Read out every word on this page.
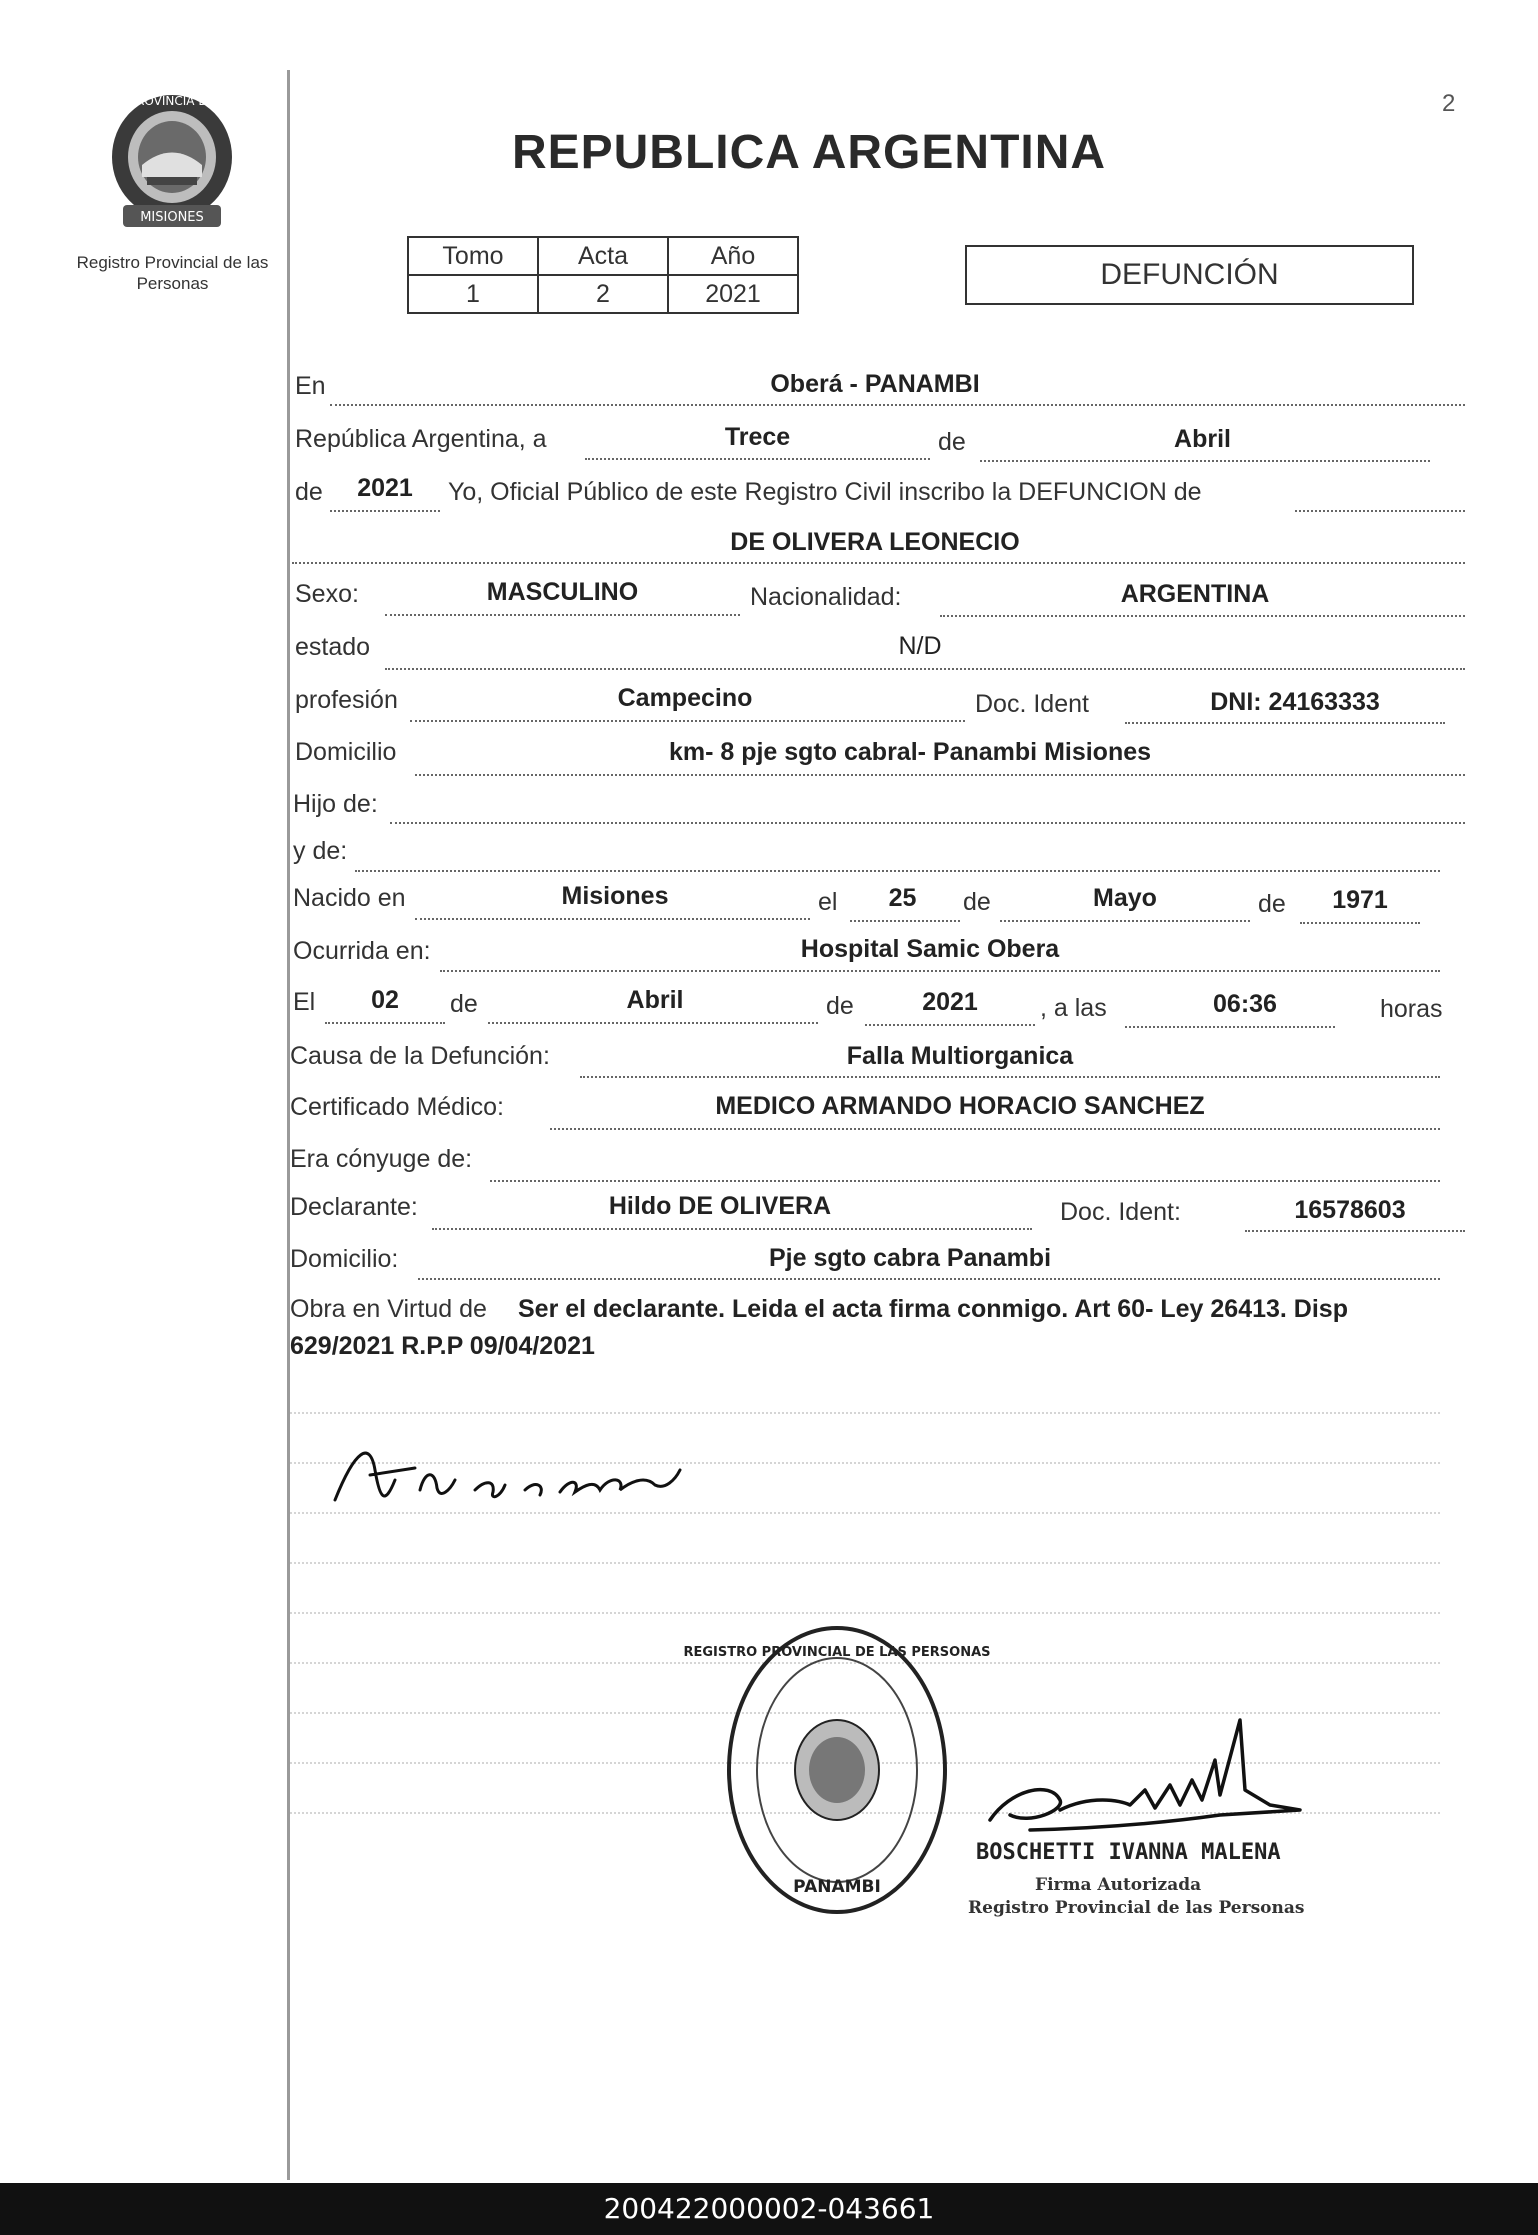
2
PROVINCIA DE
MISIONES
Registro Provincial de las Personas
REPUBLICA ARGENTINA
Tomo	Acta	Año
1	2	2021
DEFUNCIÓN
En	Oberá - PANAMBI
República Argentina, a	Trece	de	Abril
de	2021	Yo, Oficial Público de este Registro Civil inscribo la DEFUNCION de
DE OLIVERA LEONECIO
Sexo:	MASCULINO	Nacionalidad:	ARGENTINA
estado	N/D
profesión	Campecino	Doc. Ident	DNI: 24163333
Domicilio	km- 8 pje sgto cabral- Panambi Misiones
Hijo de:
y de:
Nacido en	Misiones	el	25	de	Mayo	de	1971
Ocurrida en:	Hospital Samic Obera
El	02	de	Abril	de	2021	, a las	06:36	horas
Causa de la Defunción:	Falla Multiorganica
Certificado Médico:	MEDICO ARMANDO HORACIO SANCHEZ
Era cónyuge de:
Declarante:	Hildo DE OLIVERA	Doc. Ident:	16578603
Domicilio:	Pje sgto cabra Panambi
Obra en Virtud de Ser el declarante. Leida el acta firma conmigo. Art 60- Ley 26413. Disp
629/2021 R.P.P 09/04/2021
REGISTRO PROVINCIAL DE LAS PERSONAS
PANAMBI
BOSCHETTI IVANNA MALENA
Firma Autorizada
Registro Provincial de las Personas
200422000002-043661
